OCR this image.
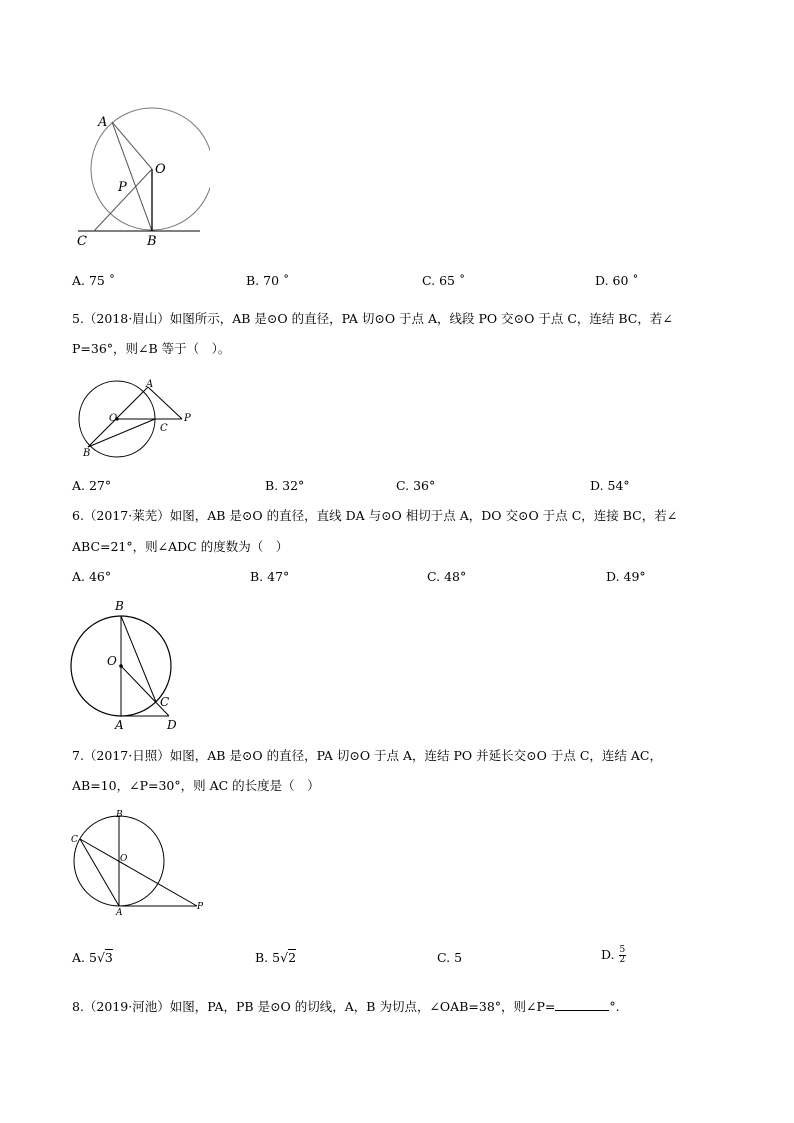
A
O
P
C	B
A. 75 ˚	B. 70 ˚	C. 65 ˚	D. 60 ˚
5.（2018·眉山）如图所示，AB 是⊙O 的直径，PA 切⊙O 于点 A，线段 PO 交⊙O 于点 C，连结 BC，若∠
P=36°，则∠B 等于（　）。
A
O
C
P
B
A. 27°	B. 32°	C. 36°	D. 54°
6.（2017·莱芜）如图，AB 是⊙O 的直径，直线 DA 与⊙O 相切于点 A，DO 交⊙O 于点 C，连接 BC，若∠
ABC=21°，则∠ADC 的度数为（　）
A. 46°	B. 47°	C. 48°	D. 49°
B
O
C
A	D
7.（2017·日照）如图，AB 是⊙O 的直径，PA 切⊙O 于点 A，连结 PO 并延长交⊙O 于点 C，连结 AC，
AB=10，∠P=30°，则 AC 的长度是（　）
B
C
O
A
P
A. 5√3	B. 5√2	C. 5	D. $\frac{5}{2}$
8.（2019·河池）如图，PA，PB 是⊙O 的切线，A，B 为切点，∠OAB=38°，则∠P=	°.
